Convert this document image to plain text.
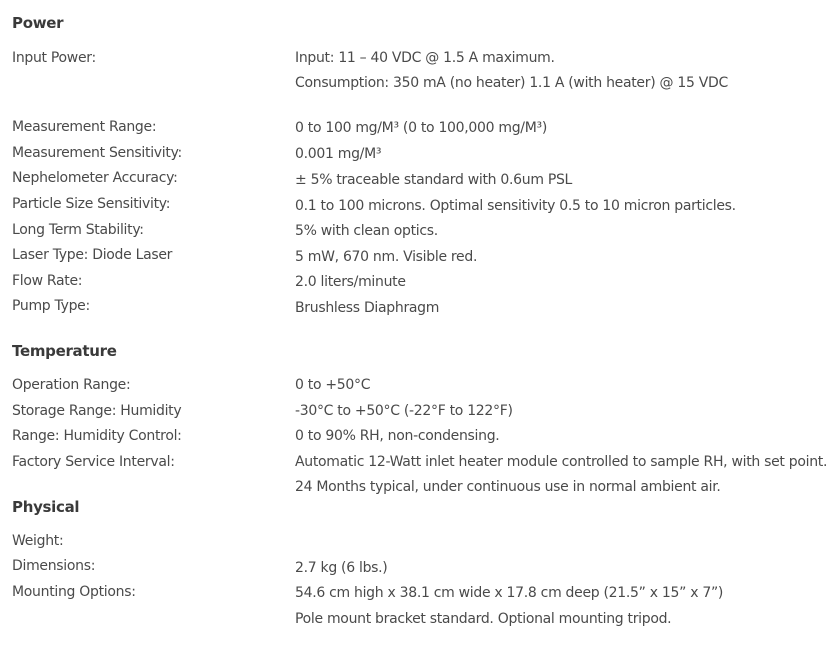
Power
Input Power:
Measurement Range:
Measurement Sensitivity:
Nephelometer Accuracy:
Particle Size Sensitivity:
Long Term Stability:
Laser Type: Diode Laser
Flow Rate:
Pump Type:
Input: 11 – 40 VDC @ 1.5 A maximum.
Consumption: 350 mA (no heater) 1.1 A (with heater) @ 15 VDC
0 to 100 mg/M³ (0 to 100,000 mg/M³)
0.001 mg/M³
± 5% traceable standard with 0.6um PSL
0.1 to 100 microns. Optimal sensitivity 0.5 to 10 micron particles.
5% with clean optics.
5 mW, 670 nm. Visible red.
2.0 liters/minute
Brushless Diaphragm
Temperature
Operation Range:
Storage Range: Humidity
Range: Humidity Control:
Factory Service Interval:
0 to +50°C
-30°C to +50°C (-22°F to 122°F)
0 to 90% RH, non-condensing.
Automatic 12-Watt inlet heater module controlled to sample RH, with set point.
24 Months typical, under continuous use in normal ambient air.
Physical
Weight:
Dimensions:
Mounting Options:
2.7 kg (6 lbs.)
54.6 cm high x 38.1 cm wide x 17.8 cm deep (21.5” x 15” x 7”)
Pole mount bracket standard. Optional mounting tripod.
